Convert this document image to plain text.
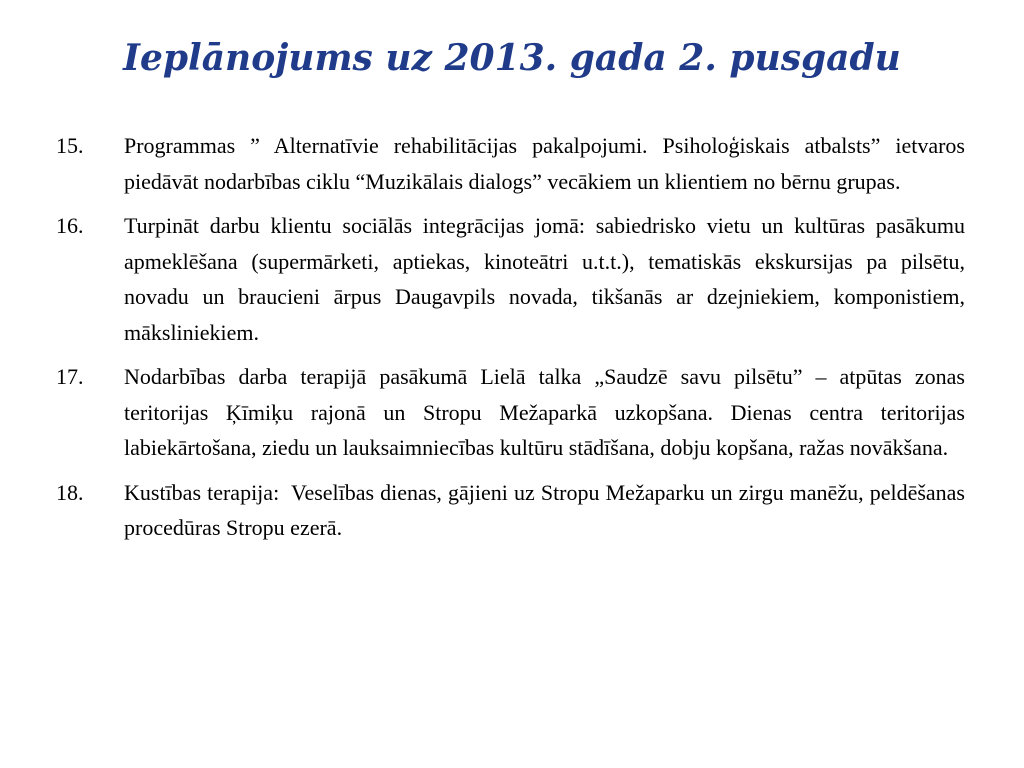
Ieplānojums uz 2013. gada 2. pusgadu
15. Programmas ” Alternatīvie rehabilitācijas pakalpojumi. Psiholoģiskais atbalsts” ietvaros piedāvāt nodarbības ciklu “Muzikālais dialogs” vecākiem un klientiem no bērnu grupas.
16. Turpināt darbu klientu sociālās integrācijas jomā: sabiedrisko vietu un kultūras pasākumu apmeklēšana (supermārketi, aptiekas, kinoteātri u.t.t.), tematiskās ekskursijas pa pilsētu, novadu un braucieni ārpus Daugavpils novada, tikšanās ar dzejniekiem, komponistiem, māksliniekiem.
17. Nodarbības darba terapijā pasākumā Lielā talka „Saudzē savu pilsētu” – atpūtas zonas teritorijas Ķīmiķu rajonā un Stropu Mežaparkā uzkopšana. Dienas centra teritorijas labiekārtošana, ziedu un lauksaimniecības kultūru stādīšana, dobju kopšana, ražas novākšana.
18. Kustības terapija:  Veselības dienas, gājieni uz Stropu Mežaparku un zirgu manēžu, peldēšanas procedūras Stropu ezerā.
